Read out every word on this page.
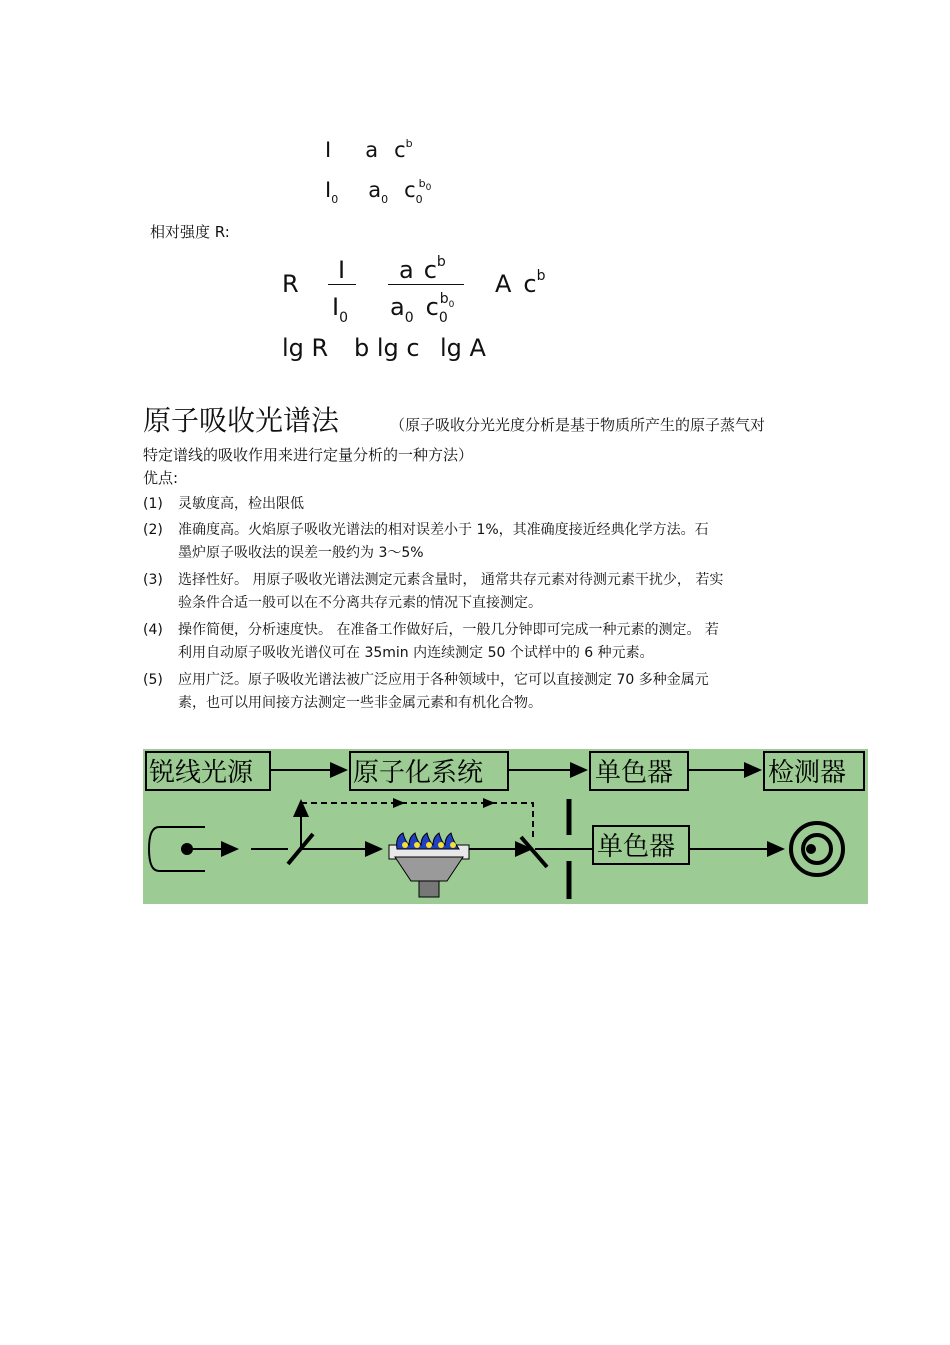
I a $c^b$
$I_0$ $a_0$ $c_0^{b0}$
相对强度 R:
R I
$I_0$
a $c^b$
$a_0$ $c_0^{b0}$
A $c^b$
lg R b lg c lg A
原子吸收光谱法	（原子吸收分光光度分析是基于物质所产生的原子蒸气对
特定谱线的吸收作用来进行定量分析的一种方法）
优点:
(1) 灵敏度高，检出限低
(2) 准确度高。火焰原子吸收光谱法的相对误差小于 1%，其准确度接近经典化学方法。石
墨炉原子吸收法的误差一般约为 3～5%
(3) 选择性好。 用原子吸收光谱法测定元素含量时， 通常共存元素对待测元素干扰少， 若实
验条件合适一般可以在不分离共存元素的情况下直接测定。
(4) 操作简便，分析速度快。 在准备工作做好后，一般几分钟即可完成一种元素的测定。 若
利用自动原子吸收光谱仪可在 35min 内连续测定 50 个试样中的 6 种元素。
(5) 应用广泛。原子吸收光谱法被广泛应用于各种领域中，它可以直接测定 70 多种金属元
素，也可以用间接方法测定一些非金属元素和有机化合物。
锐线光源	原子化系统	单色器	检测器
单色器
